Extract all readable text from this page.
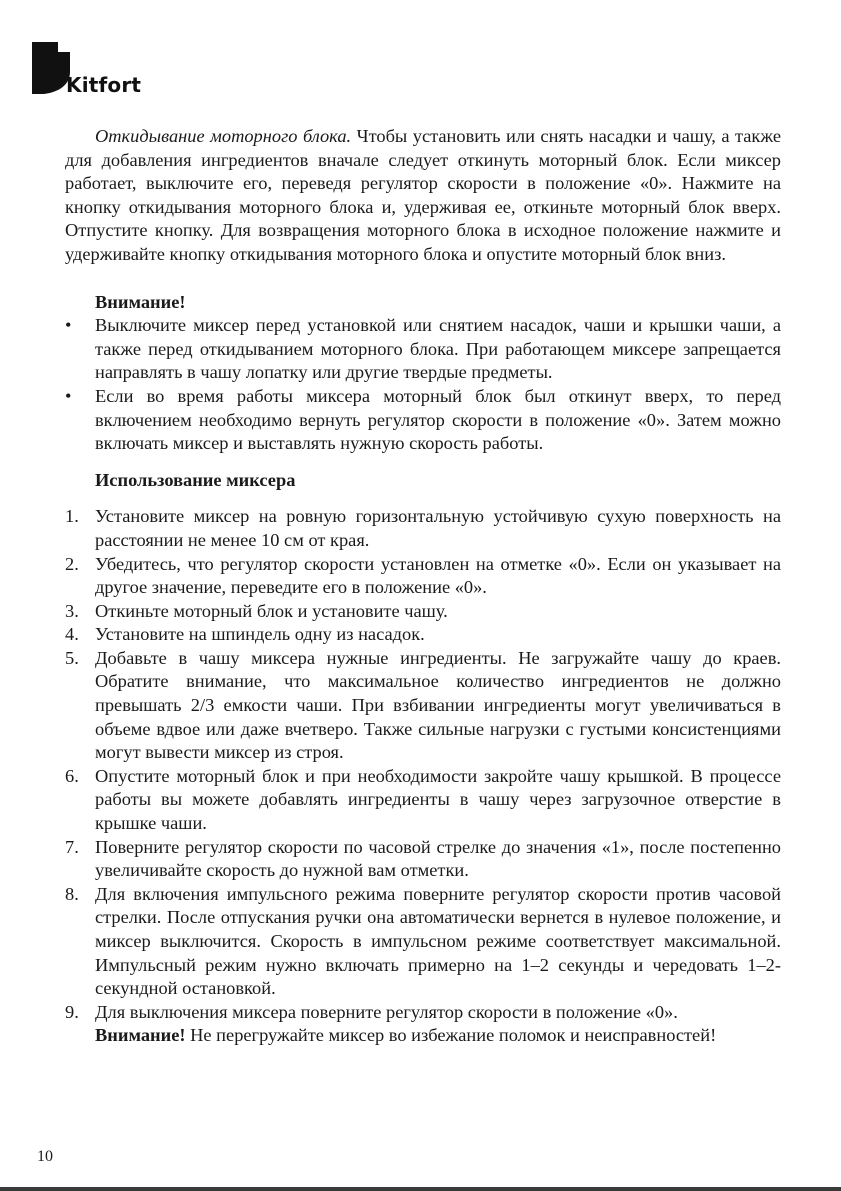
Kitfort

Откидывание моторного блока. Чтобы установить или снять насадки и чашу, а также для добавления ингредиентов вначале следует откинуть моторный блок. Если миксер работает, выключите его, переведя регулятор скорости в положение «0». Нажмите на кнопку откидывания моторного блока и, удерживая ее, откиньте моторный блок вверх. Отпустите кнопку. Для возвращения моторного блока в исходное положение нажмите и удерживайте кнопку откидывания моторного блока и опустите моторный блок вниз.

Внимание!

• Выключите миксер перед установкой или снятием насадок, чаши и крышки чаши, а также перед откидыванием моторного блока. При работающем миксере запрещается направлять в чашу лопатку или другие твердые предметы.
• Если во время работы миксера моторный блок был откинут вверх, то перед включением необходимо вернуть регулятор скорости в положение «0». Затем можно включать миксер и выставлять нужную скорость работы.

Использование миксера

1. Установите миксер на ровную горизонтальную устойчивую сухую поверхность на расстоянии не менее 10 см от края.
2. Убедитесь, что регулятор скорости установлен на отметке «0». Если он указывает на другое значение, переведите его в положение «0».
3. Откиньте моторный блок и установите чашу.
4. Установите на шпиндель одну из насадок.
5. Добавьте в чашу миксера нужные ингредиенты. Не загружайте чашу до краев. Обратите внимание, что максимальное количество ингредиентов не должно превышать 2/3 емкости чаши. При взбивании ингредиенты могут увеличиваться в объеме вдвое или даже вчетверо. Также сильные нагрузки с густыми консистенциями могут вывести миксер из строя.
6. Опустите моторный блок и при необходимости закройте чашу крышкой. В процессе работы вы можете добавлять ингредиенты в чашу через загрузочное отверстие в крышке чаши.
7. Поверните регулятор скорости по часовой стрелке до значения «1», после постепенно увеличивайте скорость до нужной вам отметки.
8. Для включения импульсного режима поверните регулятор скорости против часовой стрелки. После отпускания ручки она автоматически вернется в нулевое положение, и миксер выключится. Скорость в импульсном режиме соответствует максимальной. Импульсный режим нужно включать примерно на 1–2 секунды и чередовать 1–2-секундной остановкой.
9. Для выключения миксера поверните регулятор скорости в положение «0».
Внимание! Не перегружайте миксер во избежание поломок и неисправностей!
10
